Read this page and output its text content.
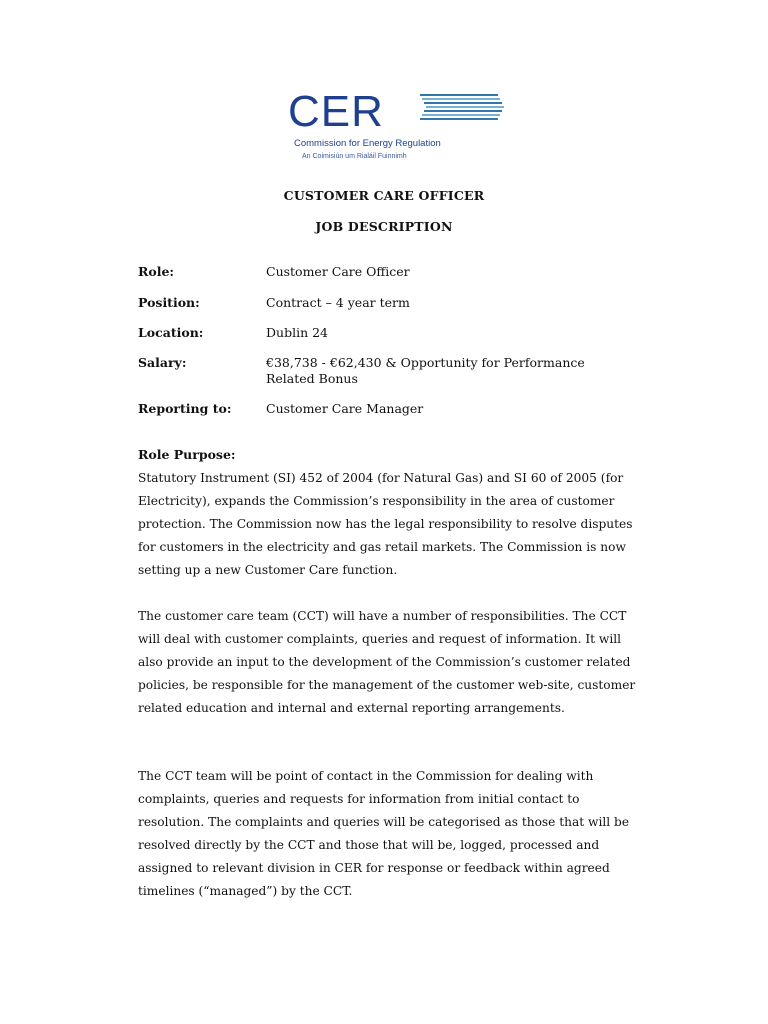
CER
Commission for Energy Regulation
An Coimisiún um Rialáil Fuinnimh
CUSTOMER CARE OFFICER
JOB DESCRIPTION
Role:	Customer Care Officer
Position:	Contract – 4 year term
Location:	Dublin 24
Salary:	€38,738 - €62,430 & Opportunity for Performance Related Bonus
Reporting to:	Customer Care Manager
Role Purpose:

Statutory Instrument (SI) 452 of 2004 (for Natural Gas) and SI 60 of 2005 (for Electricity), expands the Commission’s responsibility in the area of customer protection. The Commission now has the legal responsibility to resolve disputes for customers in the electricity and gas retail markets. The Commission is now setting up a new Customer Care function.

The customer care team (CCT) will have a number of responsibilities. The CCT will deal with customer complaints, queries and request of information. It will also provide an input to the development of the Commission’s customer related policies, be responsible for the management of the customer web-site, customer related education and internal and external reporting arrangements.

The CCT team will be point of contact in the Commission for dealing with complaints, queries and requests for information from initial contact to resolution. The complaints and queries will be categorised as those that will be resolved directly by the CCT and those that will be, logged, processed and assigned to relevant division in CER for response or feedback within agreed timelines (“managed”) by the CCT.
